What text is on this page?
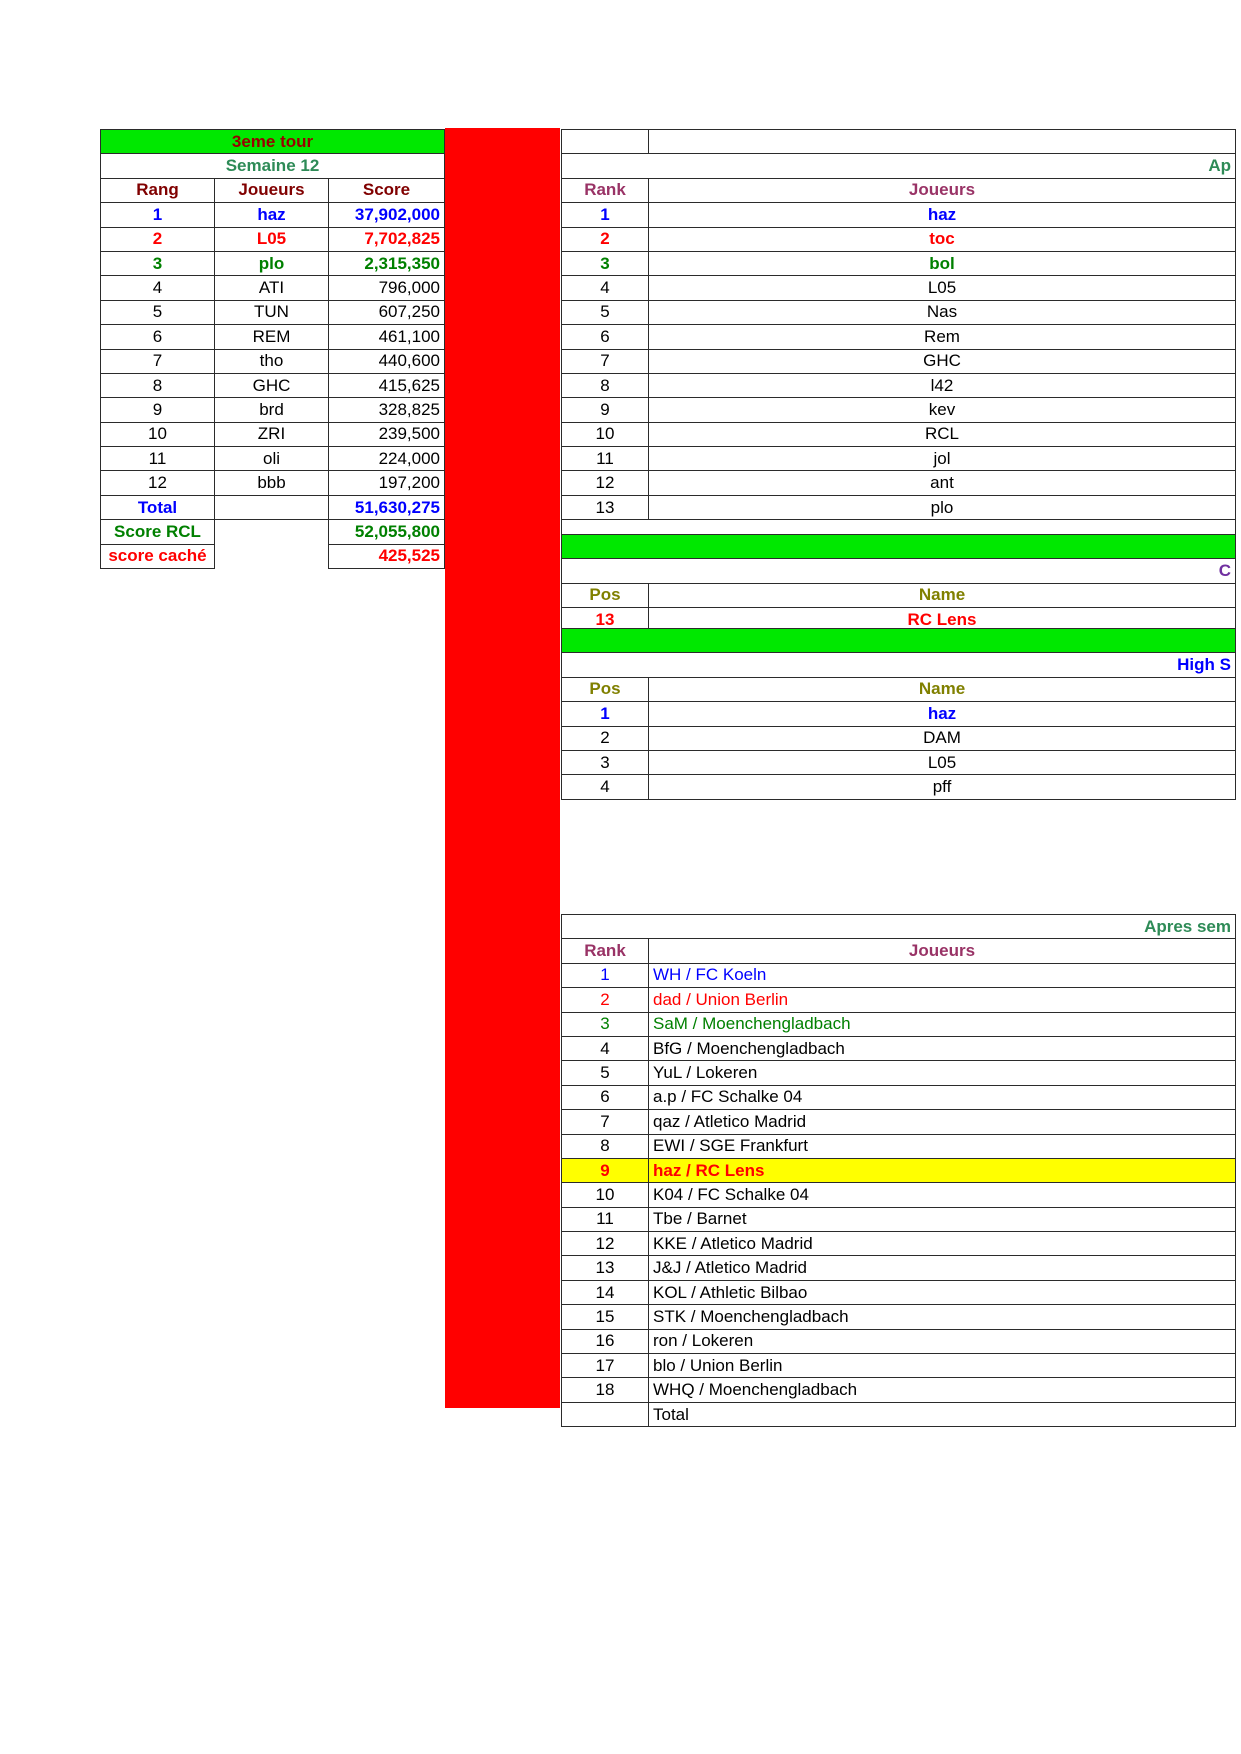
3eme tour		
Semaine 12		
Rang	Joueurs	Score
1	haz	37,902,000
2	L05	7,702,825
3	plo	2,315,350
4	ATI	796,000
5	TUN	607,250
6	REM	461,100
7	tho	440,600
8	GHC	415,625
9	brd	328,825
10	ZRI	239,500
11	oli	224,000
12	bbb	197,200
Total		51,630,275
Score RCL		52,055,800
score caché		425,525

Ap	
Rank	Joueurs
1	haz
2	toc
3	bol
4	L05
5	Nas
6	Rem
7	GHC
8	l42
9	kev
10	RCL
11	jol
12	ant
13	plo

C	
Pos	Name
13	RC Lens

High S	
Pos	Name
1	haz
2	DAM
3	L05
4	pff

Apres sem	
Rank	Joueurs
1	WH / FC Koeln
2	dad / Union Berlin
3	SaM / Moenchengladbach
4	BfG / Moenchengladbach
5	YuL / Lokeren
6	a.p / FC Schalke 04
7	qaz / Atletico Madrid
8	EWI / SGE Frankfurt
9	haz / RC Lens
10	K04 / FC Schalke 04
11	Tbe / Barnet
12	KKE / Atletico Madrid
13	J&J / Atletico Madrid
14	KOL / Athletic Bilbao
15	STK / Moenchengladbach
16	ron / Lokeren
17	blo / Union Berlin
18	WHQ / Moenchengladbach
	Total
